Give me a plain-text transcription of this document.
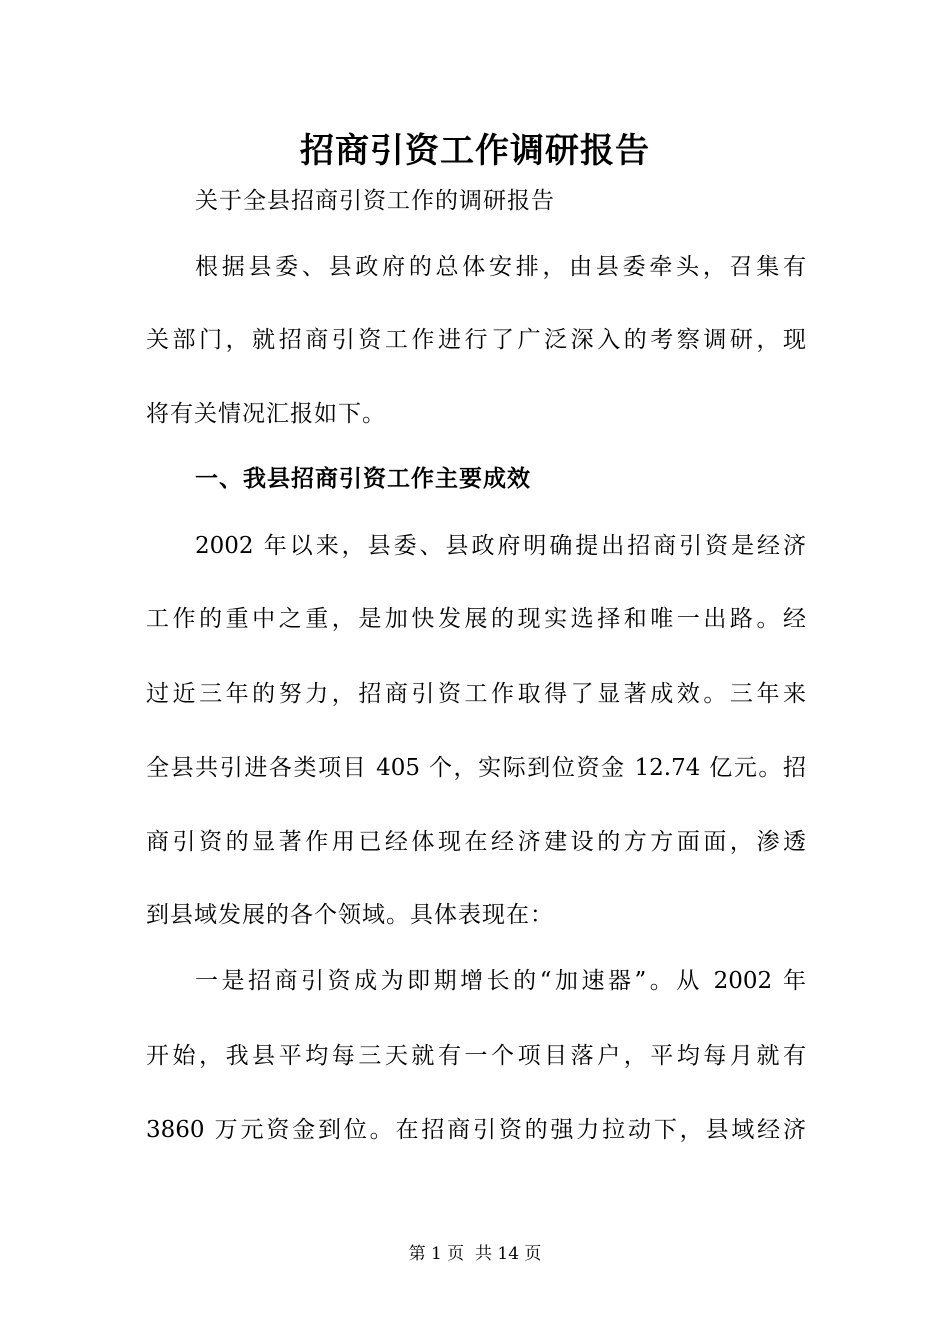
招商引资工作调研报告
关于全县招商引资工作的调研报告
根据县委、县政府的总体安排，由县委牵头，召集有
关部门，就招商引资工作进行了广泛深入的考察调研，现
将有关情况汇报如下。
一、我县招商引资工作主要成效
2002 年以来，县委、县政府明确提出招商引资是经济
工作的重中之重，是加快发展的现实选择和唯一出路。经
过近三年的努力，招商引资工作取得了显著成效。三年来
全县共引进各类项目 405 个，实际到位资金 12.74 亿元。招
商引资的显著作用已经体现在经济建设的方方面面，渗透
到县域发展的各个领域。具体表现在：
一是招商引资成为即期增长的“加速器”。从 2002 年
开始，我县平均每三天就有一个项目落户，平均每月就有
3860 万元资金到位。在招商引资的强力拉动下，县域经济
第 1 页  共 14 页
